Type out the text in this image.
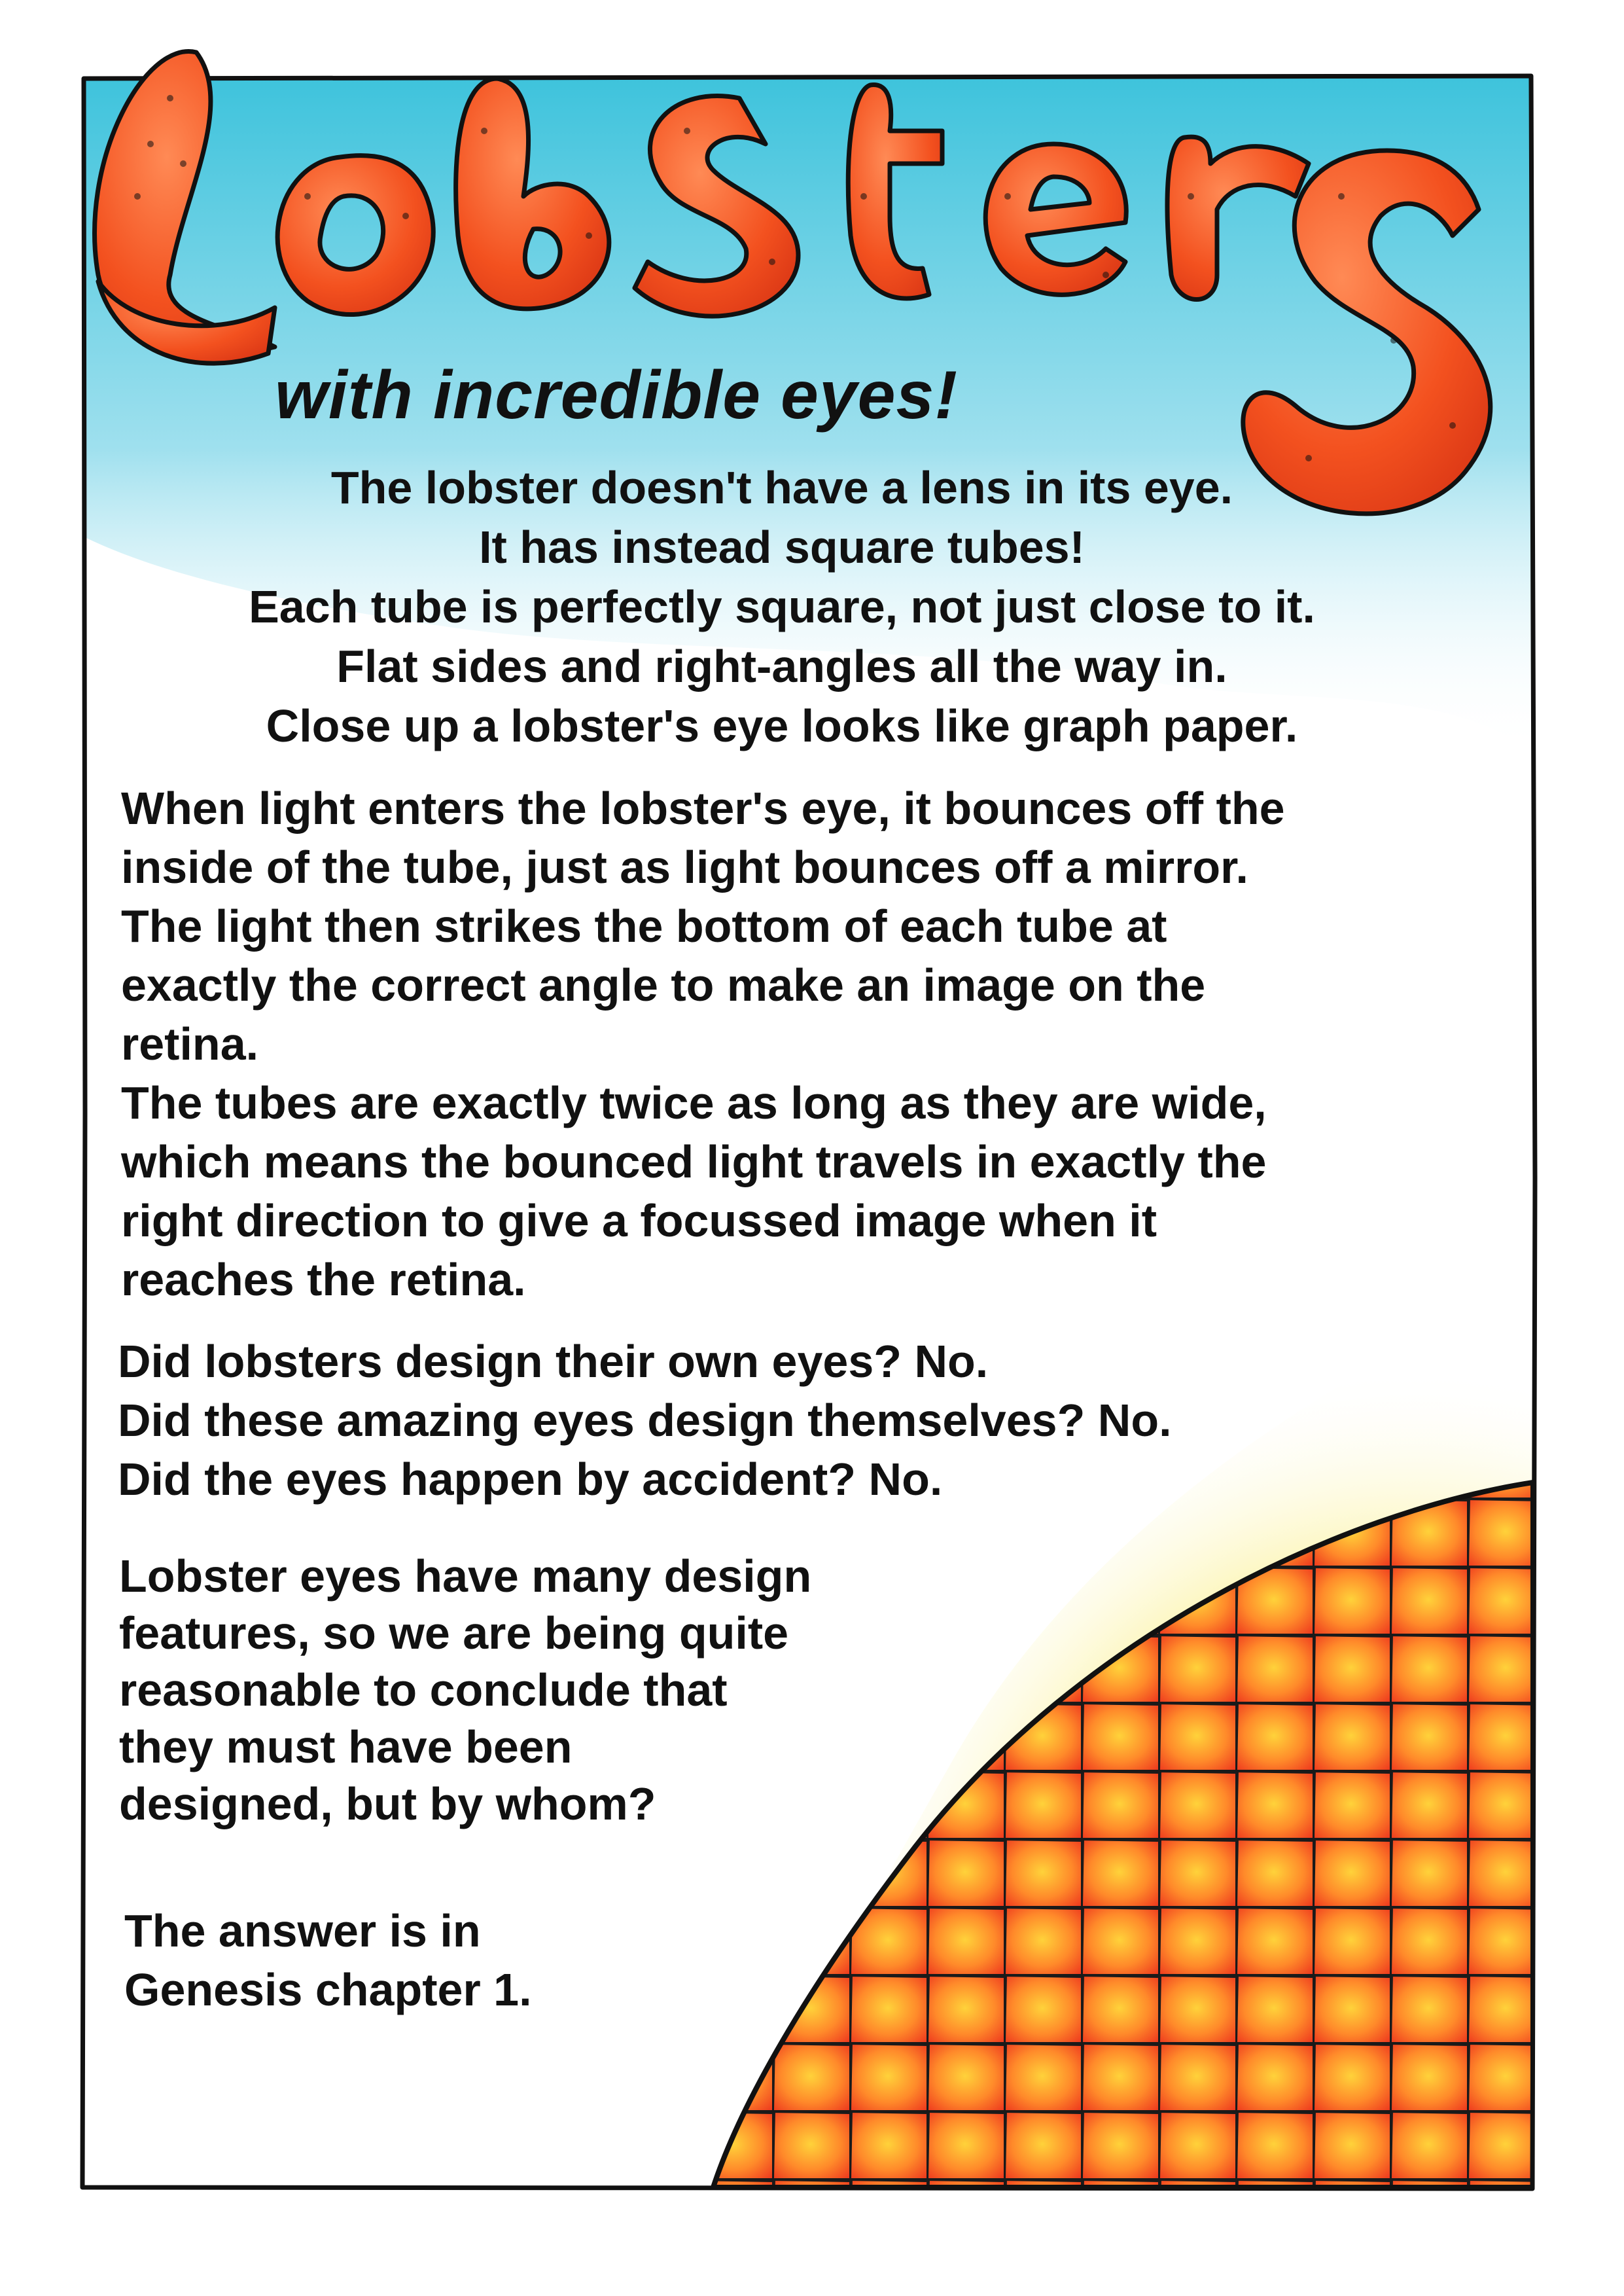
with incredible eyes!
The lobster doesn't have a lens in its eye.
It has instead square tubes!
Each tube is perfectly square, not just close to it.
Flat sides and right-angles all the way in.
Close up a lobster's eye looks like graph paper.
When light enters the lobster's eye, it bounces off the
inside of the tube, just as light bounces off a mirror.
The light then strikes the bottom of each tube at
exactly the correct angle to make an image on the
retina.
The tubes are exactly twice as long as they are wide,
which means the bounced light travels in exactly the
right direction to give a focussed image when it
reaches the retina.
Did lobsters design their own eyes? No.
Did these amazing eyes design themselves? No.
Did the eyes happen by accident? No.
Lobster eyes have many design
features, so we are being quite
reasonable to conclude that
they must have been
designed, but by whom?
The answer is in
Genesis chapter 1.
